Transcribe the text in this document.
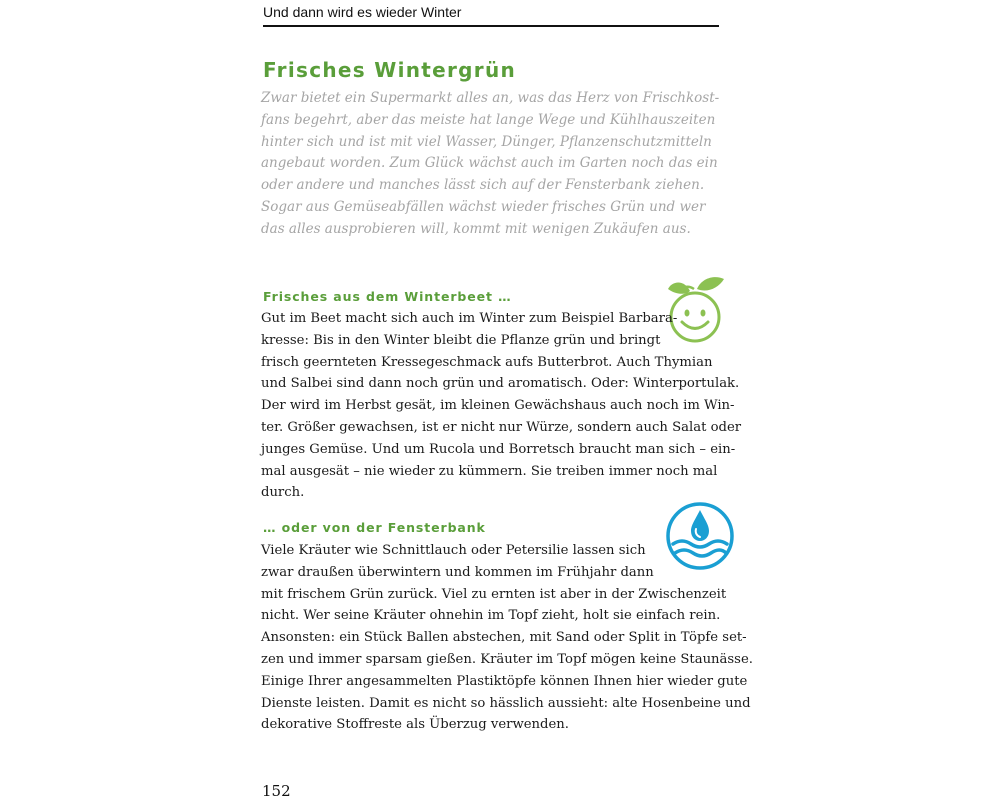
Und dann wird es wieder Winter
Frisches Wintergrün
Zwar bietet ein Supermarkt alles an, was das Herz von Frischkost-
fans begehrt, aber das meiste hat lange Wege und Kühlhauszeiten
hinter sich und ist mit viel Wasser, Dünger, Pflanzenschutzmitteln
angebaut worden. Zum Glück wächst auch im Garten noch das ein
oder andere und manches lässt sich auf der Fensterbank ziehen.
Sogar aus Gemüseabfällen wächst wieder frisches Grün und wer
das alles ausprobieren will, kommt mit wenigen Zukäufen aus.
Frisches aus dem Winterbeet …
Gut im Beet macht sich auch im Winter zum Beispiel Barbara-
kresse: Bis in den Winter bleibt die Pflanze grün und bringt
frisch geernteten Kressegeschmack aufs Butterbrot. Auch Thymian
und Salbei sind dann noch grün und aromatisch. Oder: Winterportulak.
Der wird im Herbst gesät, im kleinen Gewächshaus auch noch im Win-
ter. Größer gewachsen, ist er nicht nur Würze, sondern auch Salat oder
junges Gemüse. Und um Rucola und Borretsch braucht man sich – ein-
mal ausgesät – nie wieder zu kümmern. Sie treiben immer noch mal
durch.
… oder von der Fensterbank
Viele Kräuter wie Schnittlauch oder Petersilie lassen sich
zwar draußen überwintern und kommen im Frühjahr dann
mit frischem Grün zurück. Viel zu ernten ist aber in der Zwischenzeit
nicht. Wer seine Kräuter ohnehin im Topf zieht, holt sie einfach rein.
Ansonsten: ein Stück Ballen abstechen, mit Sand oder Split in Töpfe set-
zen und immer sparsam gießen. Kräuter im Topf mögen keine Staunässe.
Einige Ihrer angesammelten Plastiktöpfe können Ihnen hier wieder gute
Dienste leisten. Damit es nicht so hässlich aussieht: alte Hosenbeine und
dekorative Stoffreste als Überzug verwenden.
152
